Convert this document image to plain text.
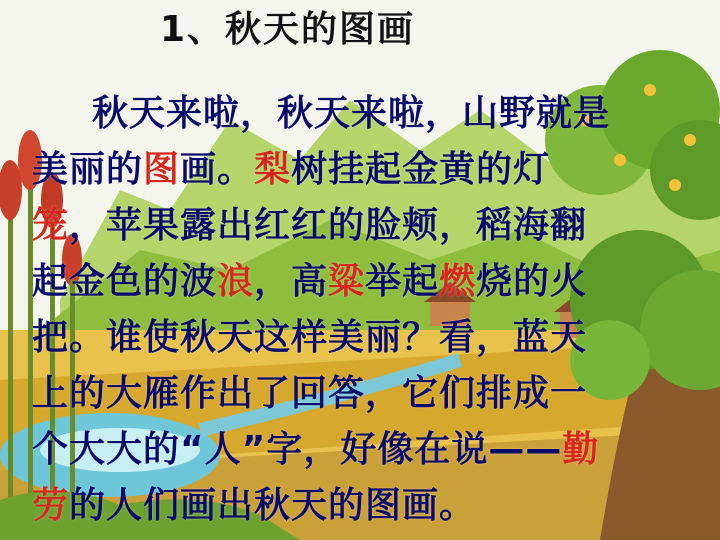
1、秋天的图画
秋天来啦，秋天来啦，山野就是
美丽的图画。梨树挂起金黄的灯
笼，苹果露出红红的脸颊，稻海翻
起金色的波浪，高粱举起燃烧的火
把。谁使秋天这样美丽？看，蓝天
上的大雁作出了回答，它们排成一
个大大的“人”字，好像在说——勤
劳的人们画出秋天的图画。
